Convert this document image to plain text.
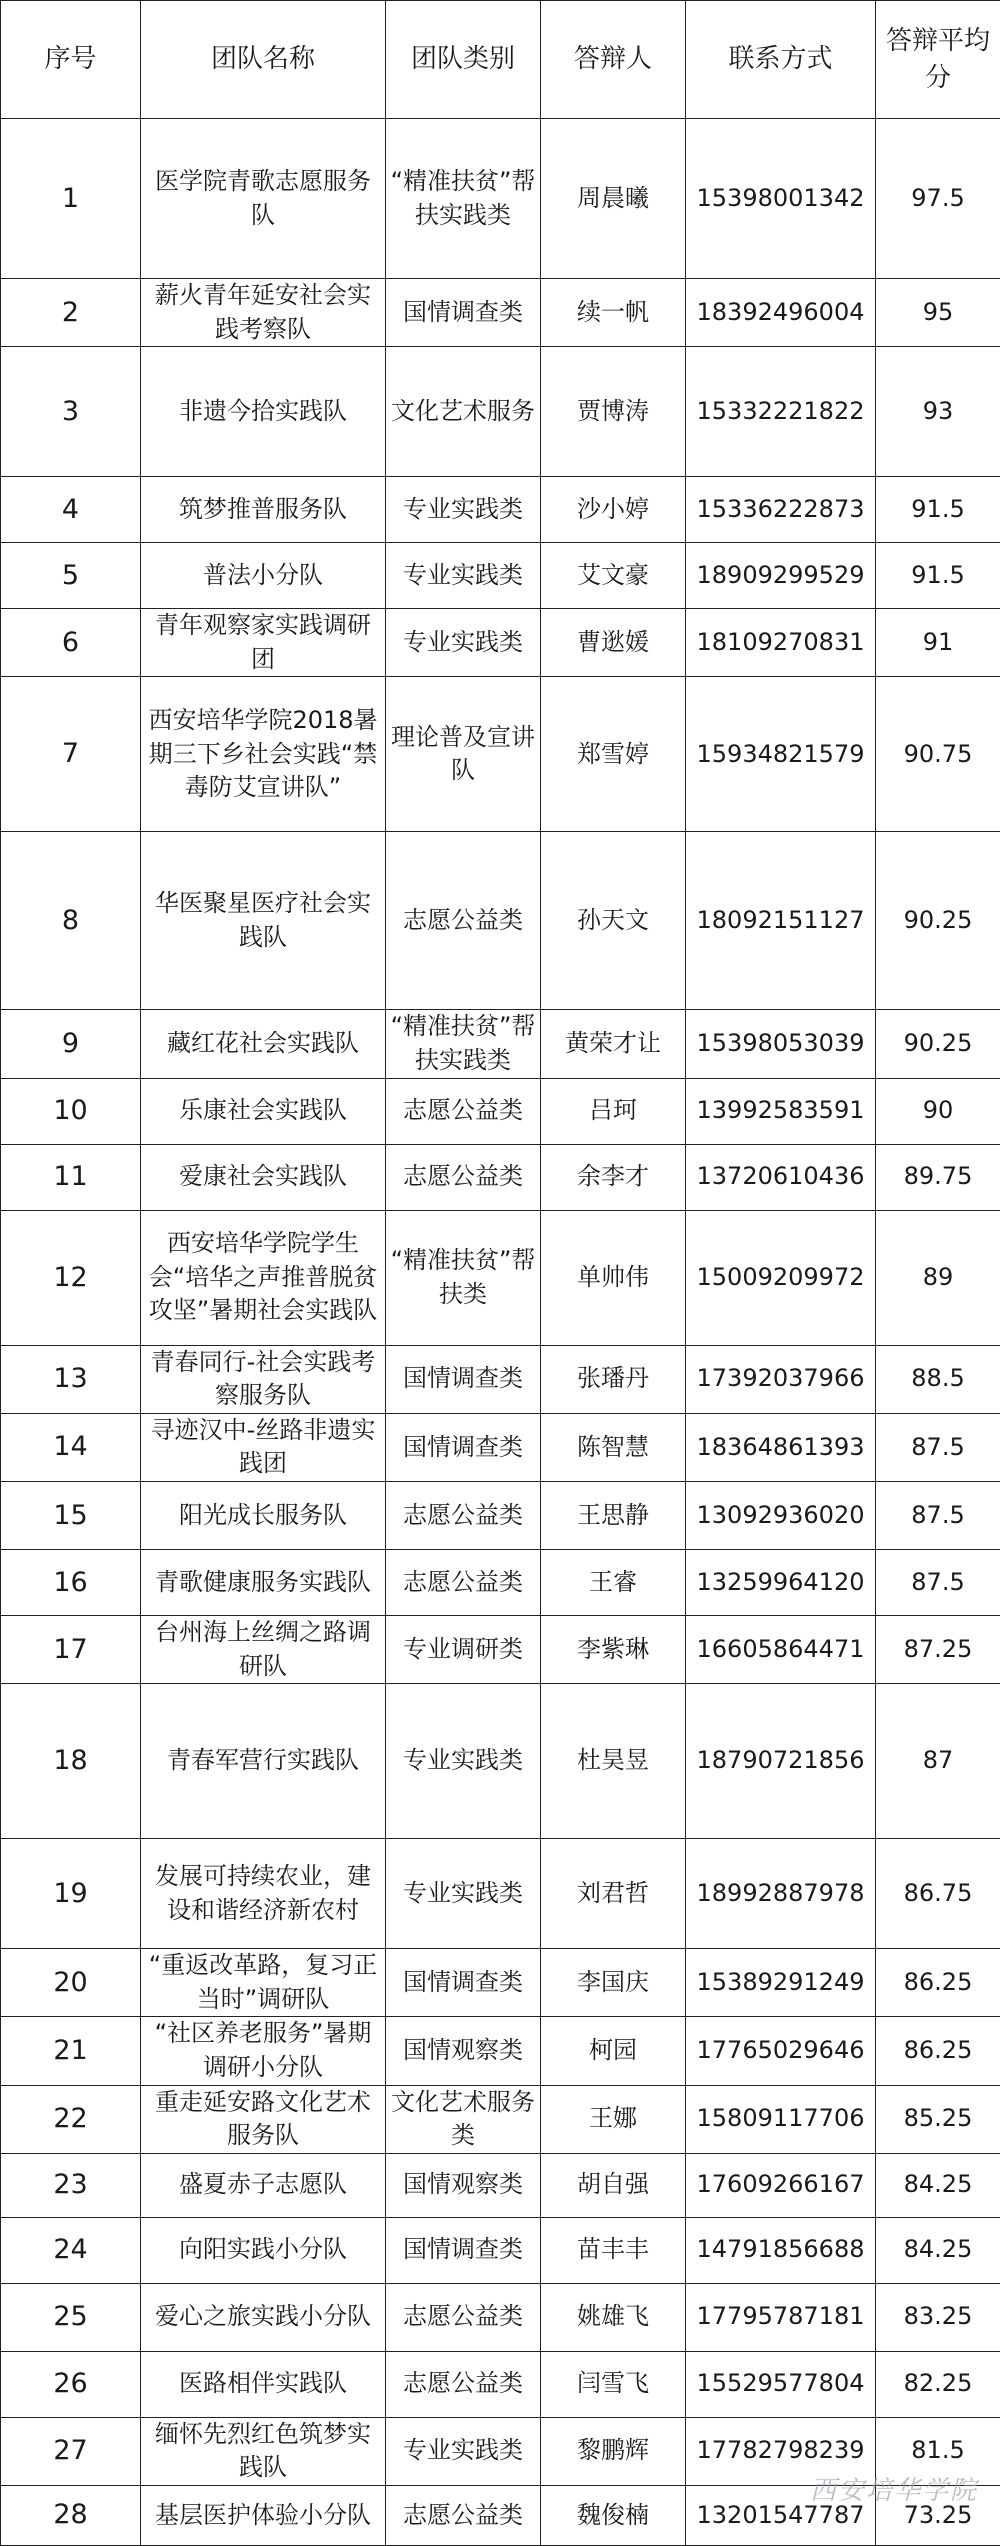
序号	团队名称	团队类别	答辩人	联系方式	答辩平均分
1	医学院青歌志愿服务队	“精准扶贫”帮扶实践类	周晨曦	15398001342	97.5
2	薪火青年延安社会实践考察队	国情调查类	续一帆	18392496004	95
3	非遗今拾实践队	文化艺术服务	贾博涛	15332221822	93
4	筑梦推普服务队	专业实践类	沙小婷	15336222873	91.5
5	普法小分队	专业实践类	艾文豪	18909299529	91.5
6	青年观察家实践调研团	专业实践类	曹逖媛	18109270831	91
7	西安培华学院2018暑期三下乡社会实践“禁毒防艾宣讲队”	理论普及宣讲队	郑雪婷	15934821579	90.75
8	华医聚星医疗社会实践队	志愿公益类	孙天文	18092151127	90.25
9	藏红花社会实践队	“精准扶贫”帮扶实践类	黄荣才让	15398053039	90.25
10	乐康社会实践队	志愿公益类	吕珂	13992583591	90
11	爱康社会实践队	志愿公益类	余李才	13720610436	89.75
12	西安培华学院学生会“培华之声推普脱贫攻坚”暑期社会实践队	“精准扶贫”帮扶类	单帅伟	15009209972	89
13	青春同行-社会实践考察服务队	国情调查类	张璠丹	17392037966	88.5
14	寻迹汉中-丝路非遗实践团	国情调查类	陈智慧	18364861393	87.5
15	阳光成长服务队	志愿公益类	王思静	13092936020	87.5
16	青歌健康服务实践队	志愿公益类	王睿	13259964120	87.5
17	台州海上丝绸之路调研队	专业调研类	李紫琳	16605864471	87.25
18	青春军营行实践队	专业实践类	杜昊昱	18790721856	87
19	发展可持续农业，建设和谐经济新农村	专业实践类	刘君哲	18992887978	86.75
20	“重返改革路，复习正当时”调研队	国情调查类	李国庆	15389291249	86.25
21	“社区养老服务”暑期调研小分队	国情观察类	柯园	17765029646	86.25
22	重走延安路文化艺术服务队	文化艺术服务类	王娜	15809117706	85.25
23	盛夏赤子志愿队	国情观察类	胡自强	17609266167	84.25
24	向阳实践小分队	国情调查类	苗丰丰	14791856688	84.25
25	爱心之旅实践小分队	志愿公益类	姚雄飞	17795787181	83.25
26	医路相伴实践队	志愿公益类	闫雪飞	15529577804	82.25
27	缅怀先烈红色筑梦实践队	专业实践类	黎鹏辉	17782798239	81.5
28	基层医护体验小分队	志愿公益类	魏俊楠	13201547787	73.25
西安培华学院
